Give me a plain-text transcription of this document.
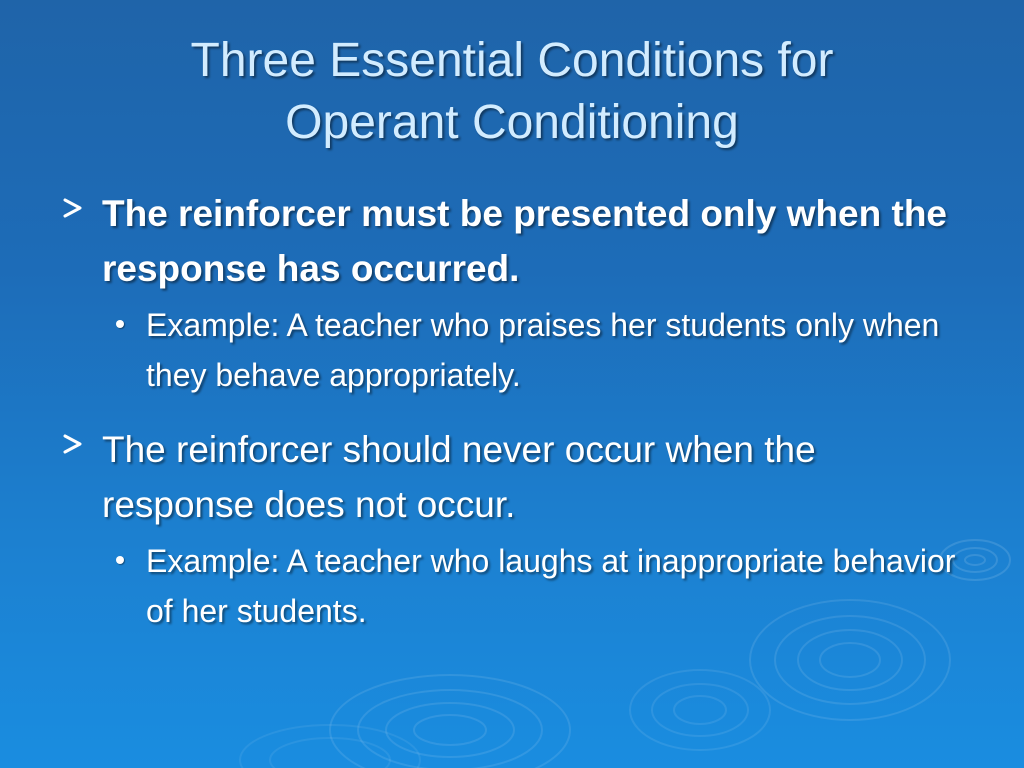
Three Essential Conditions for
Operant Conditioning
The reinforcer must be presented only when the response has occurred.
Example: A teacher who praises her students only when they behave appropriately.
The reinforcer should never occur when the response does not occur.
Example: A teacher who laughs at inappropriate behavior of her students.
